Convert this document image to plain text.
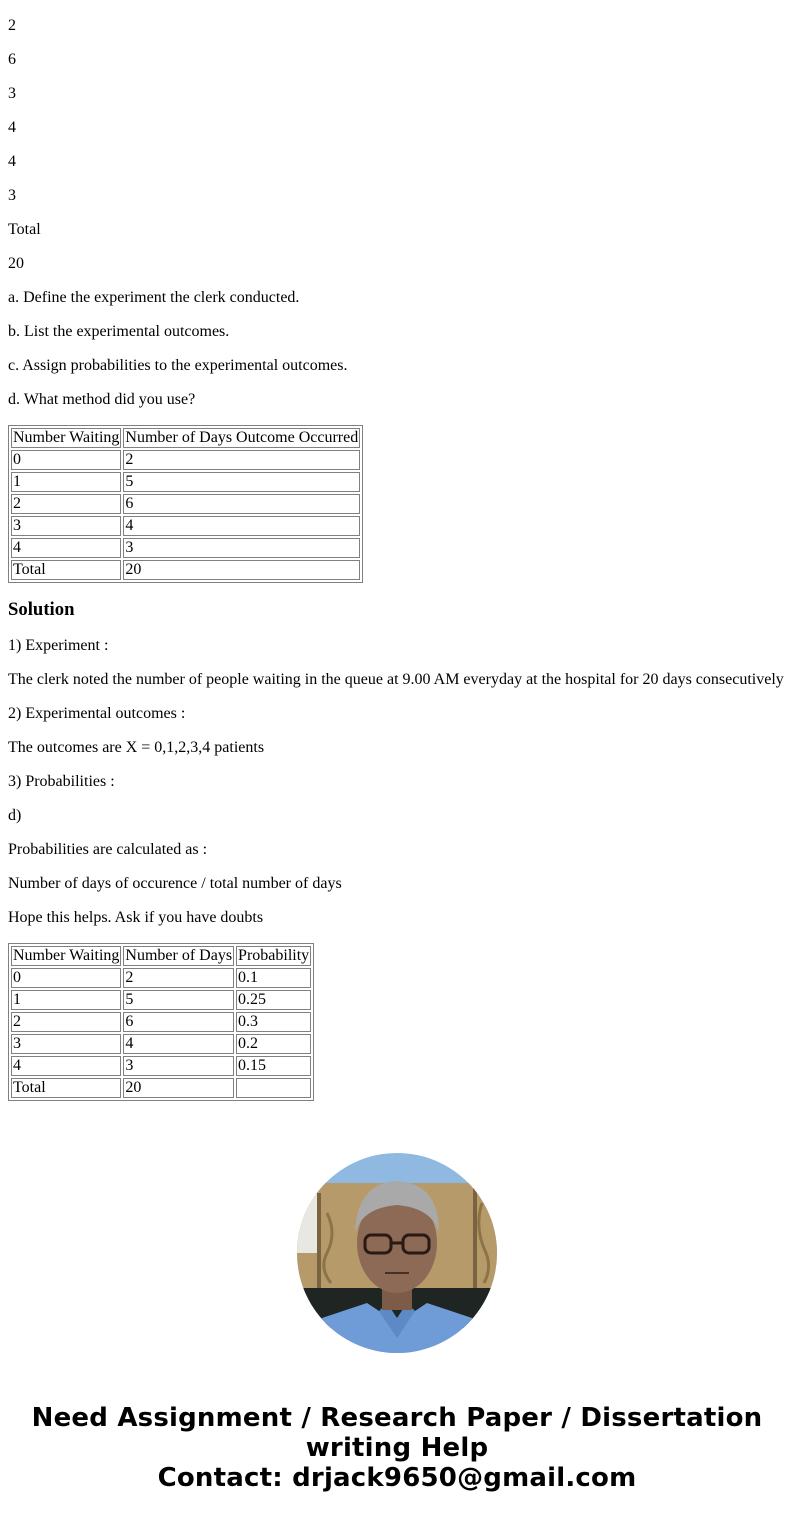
2

6

3

4

4

3

Total

20

a. Define the experiment the clerk conducted.

b. List the experimental outcomes.

c. Assign probabilities to the experimental outcomes.

d. What method did you use?

Number Waiting	Number of Days Outcome Occurred
0	2
1	5
2	6
3	4
4	3
Total	20
Solution

1) Experiment :

The clerk noted the number of people waiting in the queue at 9.00 AM everyday at the hospital for 20 days consecutively

2) Experimental outcomes :

The outcomes are X = 0,1,2,3,4 patients

3) Probabilities :

d)

Probabilities are calculated as :

Number of days of occurence / total number of days

Hope this helps. Ask if you have doubts

Number Waiting	Number of Days	Probability
0	2	0.1
1	5	0.25
2	6	0.3
3	4	0.2
4	3	0.15
Total	20	
Need Assignment / Research Paper / Dissertation
writing Help
Contact: drjack9650@gmail.com
